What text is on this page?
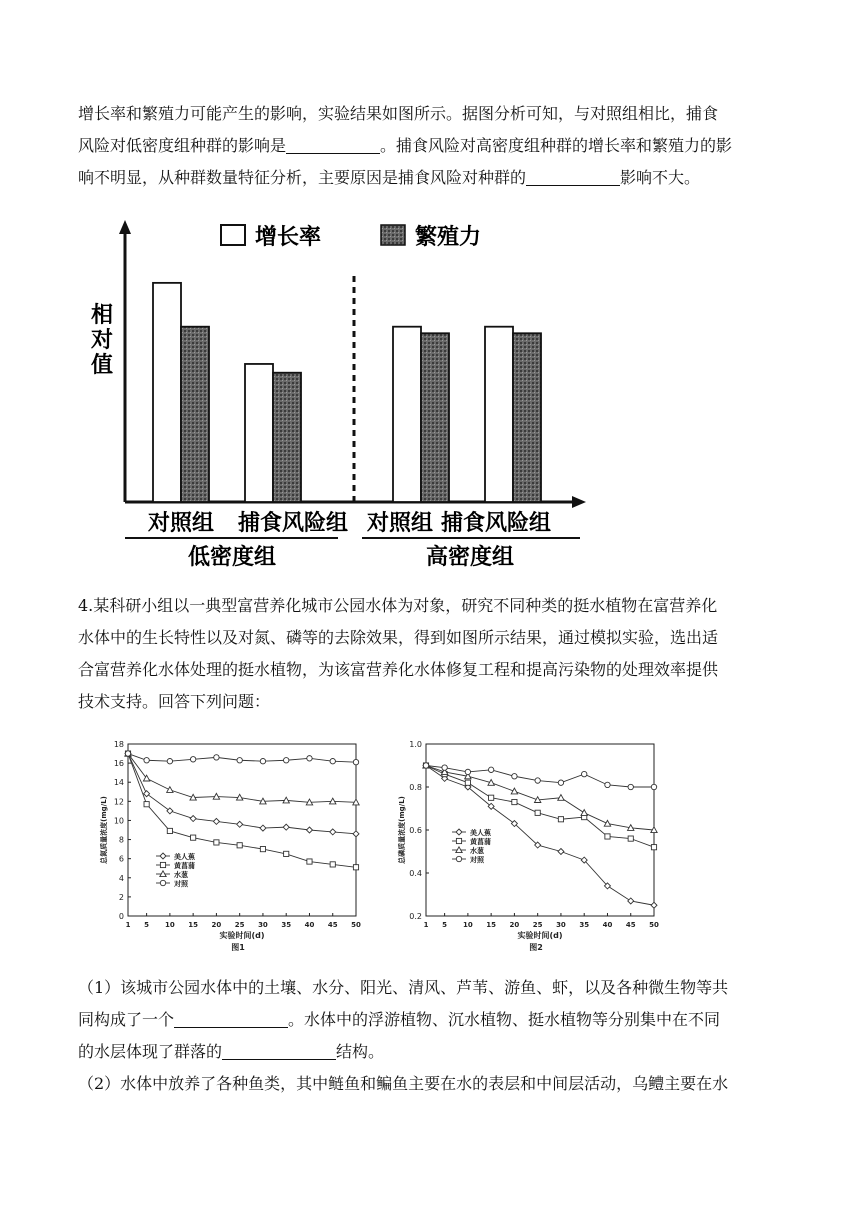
增长率和繁殖力可能产生的影响，实验结果如图所示。据图分析可知，与对照组相比，捕食
风险对低密度组种群的影响是	。捕食风险对高密度组种群的增长率和繁殖力的影
响不明显，从种群数量特征分析，主要原因是捕食风险对种群的	影响不大。
增长率	繁殖力
相
对
值
对照组 捕食风险组 对照组 捕食风险组
低密度组	高密度组
4.某科研小组以一典型富营养化城市公园水体为对象，研究不同种类的挺水植物在富营养化
水体中的生长特性以及对氮、磷等的去除效果，得到如图所示结果，通过模拟实验，选出适
合富营养化水体处理的挺水植物，为该富营养化水体修复工程和提高污染物的处理效率提供
技术支持。回答下列问题：
0
2
4
6
8
10
12
14
16
18
1 5 10 15 20 25 30 35 40 45 50
实验时间(d)
图1
总氮质量浓度(mg/L)	美人蕉
黄菖蒲
水葱
对照
0.2
0.4
0.6
0.8
1.0
1 5 10 15 20 25 30 35 40 45 50
实验时间(d)
图2
总磷质量浓度(mg/L)	美人蕉
黄菖蒲
水葱
对照
（1）该城市公园水体中的土壤、水分、阳光、清风、芦苇、游鱼、虾，以及各种微生物等共
同构成了一个	。水体中的浮游植物、沉水植物、挺水植物等分别集中在不同
的水层体现了群落的	结构。
（2）水体中放养了各种鱼类，其中鲢鱼和鳊鱼主要在水的表层和中间层活动，乌鳢主要在水
